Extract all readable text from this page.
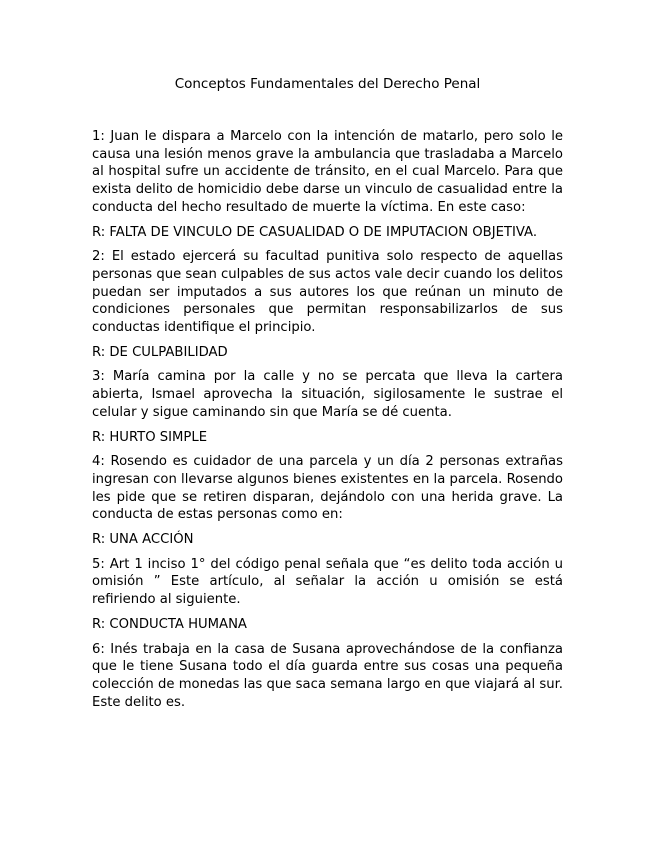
Conceptos Fundamentales del Derecho Penal

1: Juan le dispara a Marcelo con la intención de matarlo, pero solo le causa una lesión menos grave la ambulancia que trasladaba a Marcelo al hospital sufre un accidente de tránsito, en el cual Marcelo. Para que exista delito de homicidio debe darse un vinculo de casualidad entre la conducta del hecho resultado de muerte la víctima. En este caso:

R: FALTA DE VINCULO DE CASUALIDAD O DE IMPUTACION OBJETIVA.

2: El estado ejercerá su facultad punitiva solo respecto de aquellas personas que sean culpables de sus actos vale decir cuando los delitos puedan ser imputados a sus autores los que reúnan un minuto de condiciones personales que permitan responsabilizarlos de sus conductas identifique el principio.

R: DE CULPABILIDAD

3: María camina por la calle y no se percata que lleva la cartera abierta, Ismael aprovecha la situación, sigilosamente le sustrae el celular y sigue caminando sin que María se dé cuenta.

R: HURTO SIMPLE

4: Rosendo es cuidador de una parcela y un día 2 personas extrañas ingresan con llevarse algunos bienes existentes en la parcela. Rosendo les pide que se retiren disparan, dejándolo con una herida grave. La conducta de estas personas como en:

R: UNA ACCIÓN

5: Art 1 inciso 1° del código penal señala que “es delito toda acción u omisión ” Este artículo, al señalar la acción u omisión se está refiriendo al siguiente.

R: CONDUCTA HUMANA

6: Inés trabaja en la casa de Susana aprovechándose de la confianza que le tiene Susana todo el día guarda entre sus cosas una pequeña colección de monedas las que saca semana largo en que viajará al sur. Este delito es.
